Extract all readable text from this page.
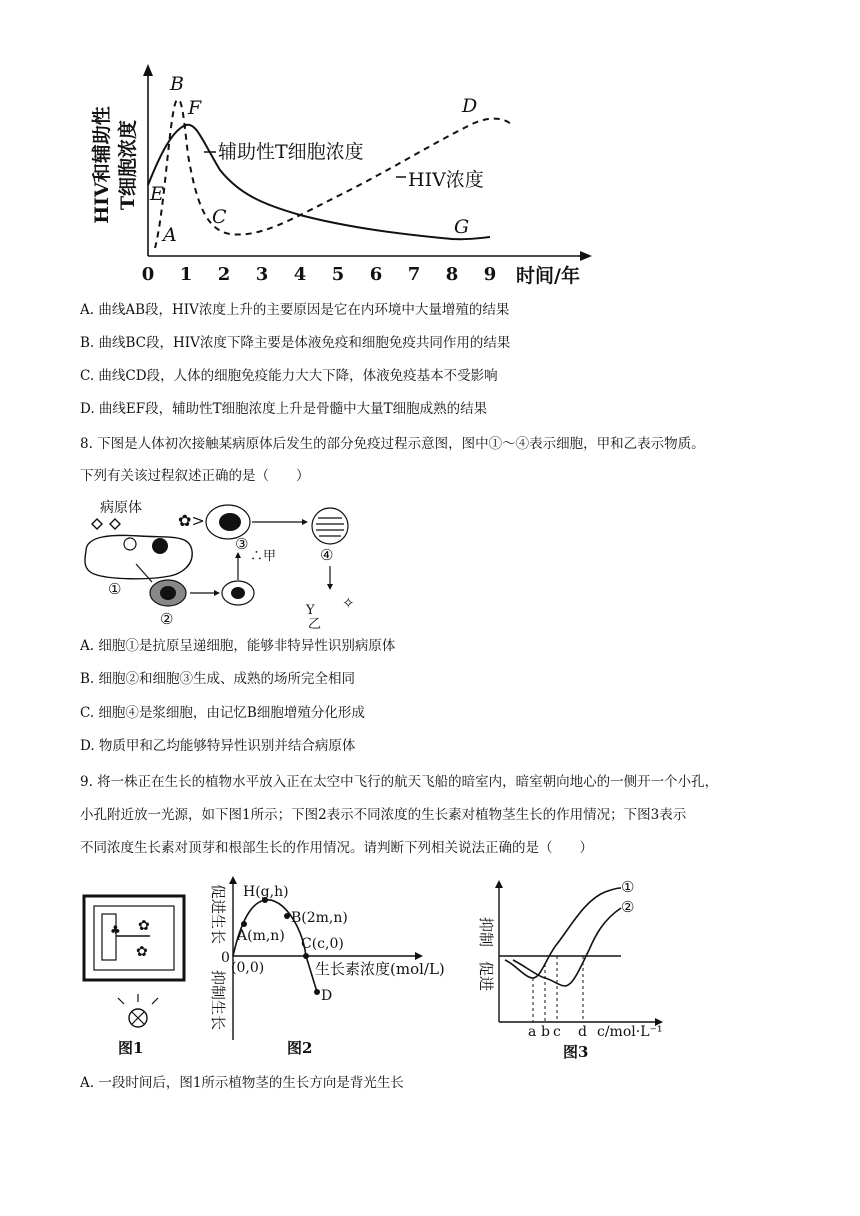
HIV和辅助性 T细胞浓度
0 1 2 3 4 5 6 7 8 9 时间/年
A
B
C
D
E
F
G
辅助性T细胞浓度
HIV浓度
A. 曲线AB段，HIV浓度上升的主要原因是它在内环境中大量增殖的结果
B. 曲线BC段，HIV浓度下降主要是体液免疫和细胞免疫共同作用的结果
C. 曲线CD段，人体的细胞免疫能力大大下降，体液免疫基本不受影响
D. 曲线EF段，辅助性T细胞浓度上升是骨髓中大量T细胞成熟的结果
8. 下图是人体初次接触某病原体后发生的部分免疫过程示意图，图中①～④表示细胞，甲和乙表示物质。
下列有关该过程叙述正确的是（　　）
病原体
①
②
∴甲
✿>
③
④
Y
乙
✧
A. 细胞①是抗原呈递细胞，能够非特异性识别病原体
B. 细胞②和细胞③生成、成熟的场所完全相同
C. 细胞④是浆细胞，由记忆B细胞增殖分化形成
D. 物质甲和乙均能够特异性识别并结合病原体
9. 将一株正在生长的植物水平放入正在太空中飞行的航天飞船的暗室内，暗室朝向地心的一侧开一个小孔，
小孔附近放一光源，如下图1所示；下图2表示不同浓度的生长素对植物茎生长的作用情况；下图3表示
不同浓度生长素对顶芽和根部生长的作用情况。请判断下列相关说法正确的是（　　）
✿
✿
♣
图1
促进生长
抑制生长
0
H(g,h)
A(m,n)
B(2m,n)
C(c,0)
D
(0,0)	生长素浓度(mol/L)
图2
抑制
促进
①
②
a b c d c/mol·L⁻¹
图3
A. 一段时间后，图1所示植物茎的生长方向是背光生长
